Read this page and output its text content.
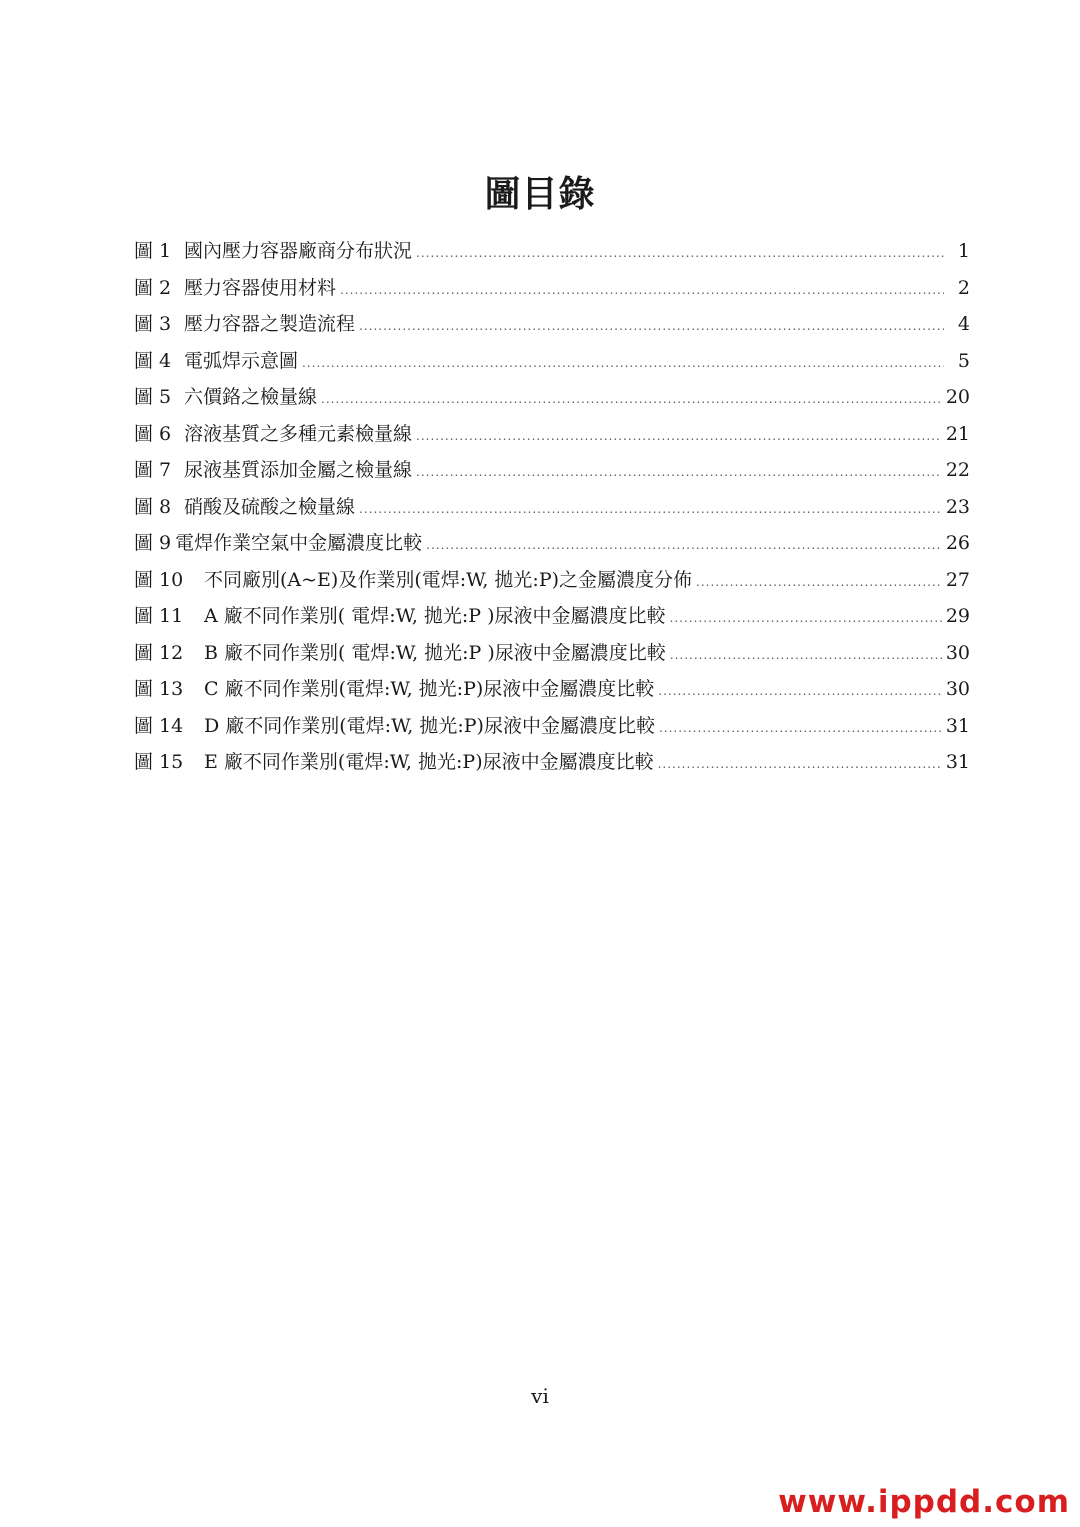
圖目錄
圖 1 國內壓力容器廠商分布狀況 .....	1
圖 2 壓力容器使用材料 .....	2
圖 3 壓力容器之製造流程 .....	4
圖 4 電弧焊示意圖 .....	5
圖 5 六價鉻之檢量線 .....	20
圖 6 溶液基質之多種元素檢量線 .....	21
圖 7 尿液基質添加金屬之檢量線 .....	22
圖 8 硝酸及硫酸之檢量線 .....	23
圖 9 電焊作業空氣中金屬濃度比較 .....	26
圖 10	不同廠別(A~E)及作業別(電焊:W, 拋光:P)之金屬濃度分佈 .....	27
圖 11	A 廠不同作業別( 電焊:W, 拋光:P )尿液中金屬濃度比較 .....	29
圖 12	B 廠不同作業別( 電焊:W, 拋光:P )尿液中金屬濃度比較 .....	30
圖 13	C 廠不同作業別(電焊:W, 拋光:P)尿液中金屬濃度比較 .....	30
圖 14	D 廠不同作業別(電焊:W, 拋光:P)尿液中金屬濃度比較 .....	31
圖 15	E 廠不同作業別(電焊:W, 拋光:P)尿液中金屬濃度比較 .....	31
vi
www.ippdd.com
